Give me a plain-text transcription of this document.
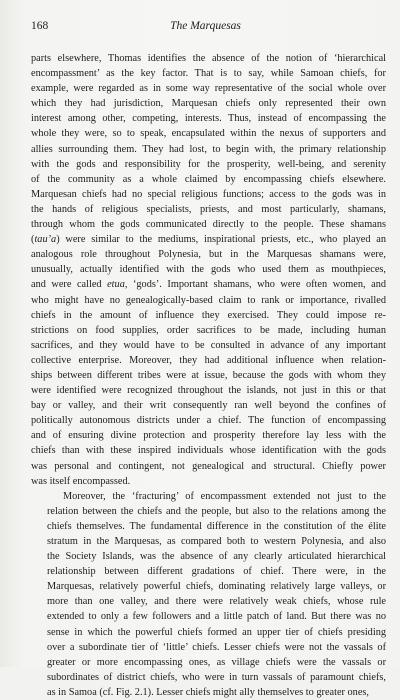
168	The Marquesas
parts elsewhere, Thomas identifies the absence of the notion of ‘hierarchical
encompassment’ as the key factor. That is to say, while Samoan chiefs, for
example, were regarded as in some way representative of the social whole over
which they had jurisdiction, Marquesan chiefs only represented their own
interest among other, competing, interests. Thus, instead of encompassing the
whole they were, so to speak, encapsulated within the nexus of supporters and
allies surrounding them. They had lost, to begin with, the primary relationship
with the gods and responsibility for the prosperity, well-being, and serenity
of the community as a whole claimed by encompassing chiefs elsewhere.
Marquesan chiefs had no special religious functions; access to the gods was in
the hands of religious specialists, priests, and most particularly, shamans,
through whom the gods communicated directly to the people. These shamans
(tau’a) were similar to the mediums, inspirational priests, etc., who played an
analogous role throughout Polynesia, but in the Marquesas shamans were,
unusually, actually identified with the gods who used them as mouthpieces,
and were called etua, ‘gods’. Important shamans, who were often women, and
who might have no genealogically-based claim to rank or importance, rivalled
chiefs in the amount of influence they exercised. They could impose re-
strictions on food supplies, order sacrifices to be made, including human
sacrifices, and they would have to be consulted in advance of any important
collective enterprise. Moreover, they had additional influence when relation-
ships between different tribes were at issue, because the gods with whom they
were identified were recognized throughout the islands, not just in this or that
bay or valley, and their writ consequently ran well beyond the confines of
politically autonomous districts under a chief. The function of encompassing
and of ensuring divine protection and prosperity therefore lay less with the
chiefs than with these inspired individuals whose identification with the gods
was personal and contingent, not genealogical and structural. Chiefly power
was itself encompassed.
Moreover, the ‘fracturing’ of encompassment extended not just to the
relation between the chiefs and the people, but also to the relations among the
chiefs themselves. The fundamental difference in the constitution of the élite
stratum in the Marquesas, as compared both to western Polynesia, and also
the Society Islands, was the absence of any clearly articulated hierarchical
relationship between different gradations of chief. There were, in the
Marquesas, relatively powerful chiefs, dominating relatively large valleys, or
more than one valley, and there were relatively weak chiefs, whose rule
extended to only a few followers and a little patch of land. But there was no
sense in which the powerful chiefs formed an upper tier of chiefs presiding
over a subordinate tier of ‘little’ chiefs. Lesser chiefs were not the vassals of
greater or more encompassing ones, as village chiefs were the vassals or
subordinates of district chiefs, who were in turn vassals of paramount chiefs,
as in Samoa (cf. Fig. 2.1). Lesser chiefs might ally themselves to greater ones,
